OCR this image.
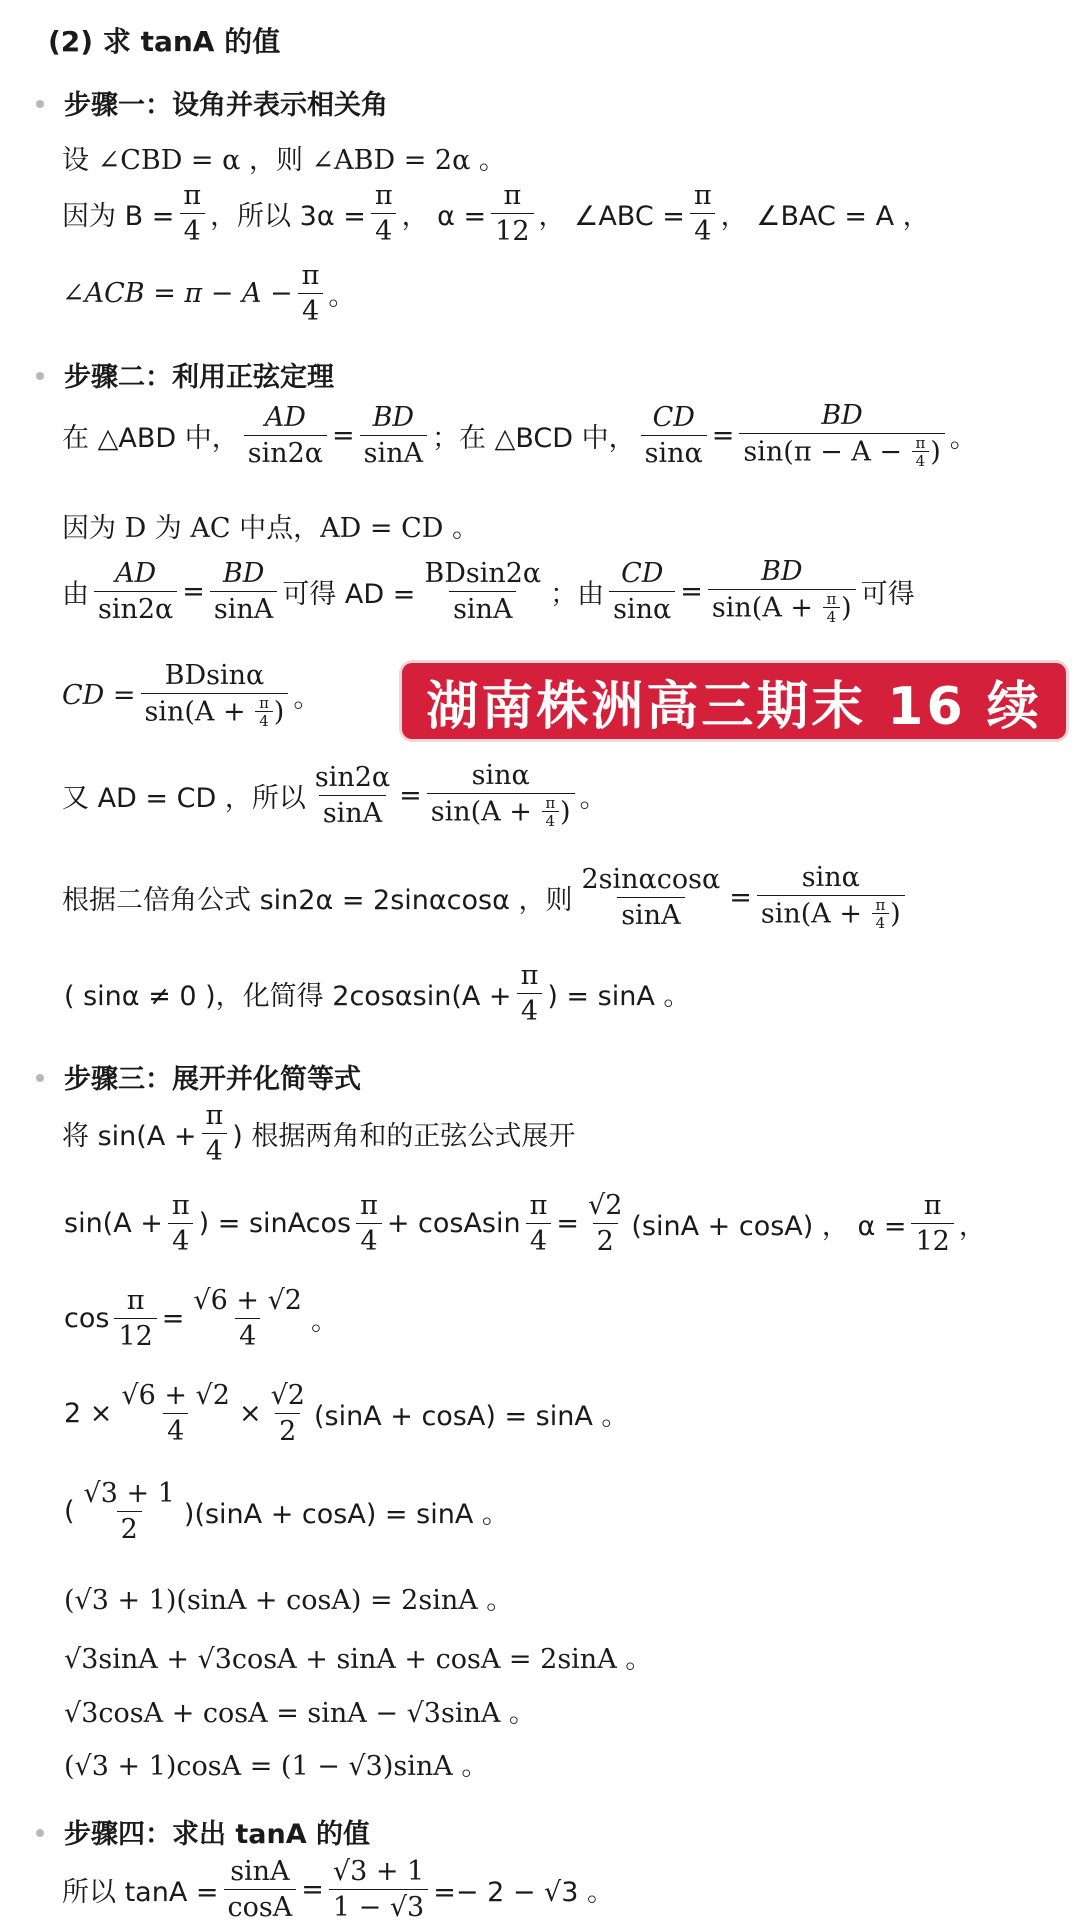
(2) 求 tanA 的值
步骤一：设角并表示相关角
设 ∠CBD = α ，则 ∠ABD = 2α 。
因为 $B = \frac{\pi}{4}$ ，所以 $3\alpha = \frac{\pi}{4}$ ， $\alpha = \frac{\pi}{12}$ ， ∠ABC = $\frac{\pi}{4}$ ， ∠BAC = A ，
∠ACB = $\pi - A - \frac{\pi}{4}$ 。
步骤二：利用正弦定理
在 △ABD 中， $\frac{AD}{\sin 2\alpha} = \frac{BD}{\sin A}$ ；在 △BCD 中， $\frac{CD}{\sin\alpha} = \frac{BD}{\sin(\pi - A - \frac{\pi}{4} )}$ 。
因为 D 为 AC 中点，AD = CD 。
由 $\frac{AD}{\sin 2\alpha} = \frac{BD}{\sin A}$ 可得 AD = $\frac{BDsin2\alpha}{\sin A}$ ；由 $\frac{CD}{\sin\alpha} = \frac{BD}{\sin(A + \frac{\pi}{4} )}$ 可得
CD = $\frac{BDsin\alpha}{\sin(A + \frac{\pi}{4} )}$ 。	湖南株洲高三期末 16 续
又 AD = CD ，所以 $\frac{\sin 2\alpha}{\sin A} = \frac{\sin\alpha}{\sin(A + \frac{\pi}{4} )}$ 。
根据二倍角公式 sin2α = 2sinαcosα ，则 $\frac{2\sin\alpha\cos\alpha}{\sin A} = \frac{\sin\alpha}{\sin(A + \frac{\pi}{4} )}$
( sinα ≠ 0 )，化简得 $2\cos\alpha\sin(A + \frac{\pi}{4}$ ) = sinA 。
步骤三：展开并化简等式
将 $\sin(A + \frac{\pi}{4}$ ) 根据两角和的正弦公式展开
$\sin(A + \frac{\pi}{4}$ ) = sinAcos $\frac{\pi}{4}$ + cosAsin $\frac{\pi}{4} = \frac{√2}{2} (\sin A + \cos A)$ ， $\alpha = \frac{\pi}{12}$ ，
$\cos \frac{\pi}{12} = \frac{√6 + √2}{4}$ 。
$2 \times \frac{√6 + √2}{4} \times \frac{√2}{2} (\sin A + \cos A) = \sin A$ 。
( $\frac{√3 + 1}{2} )(\sin A + \cos A) = \sin A$ 。
(√3 + 1)(sinA + cosA) = 2sinA 。
√3sinA + √3cosA + sinA + cosA = 2sinA 。
√3cosA + cosA = sinA − √3sinA 。
(√3 + 1)cosA = (1 − √3)sinA 。
步骤四：求出 tanA 的值
所以 $\tan A = \frac{\sin A}{\cos A} = \frac{√3 + 1}{1 - √3} =- 2 - √3$ 。
